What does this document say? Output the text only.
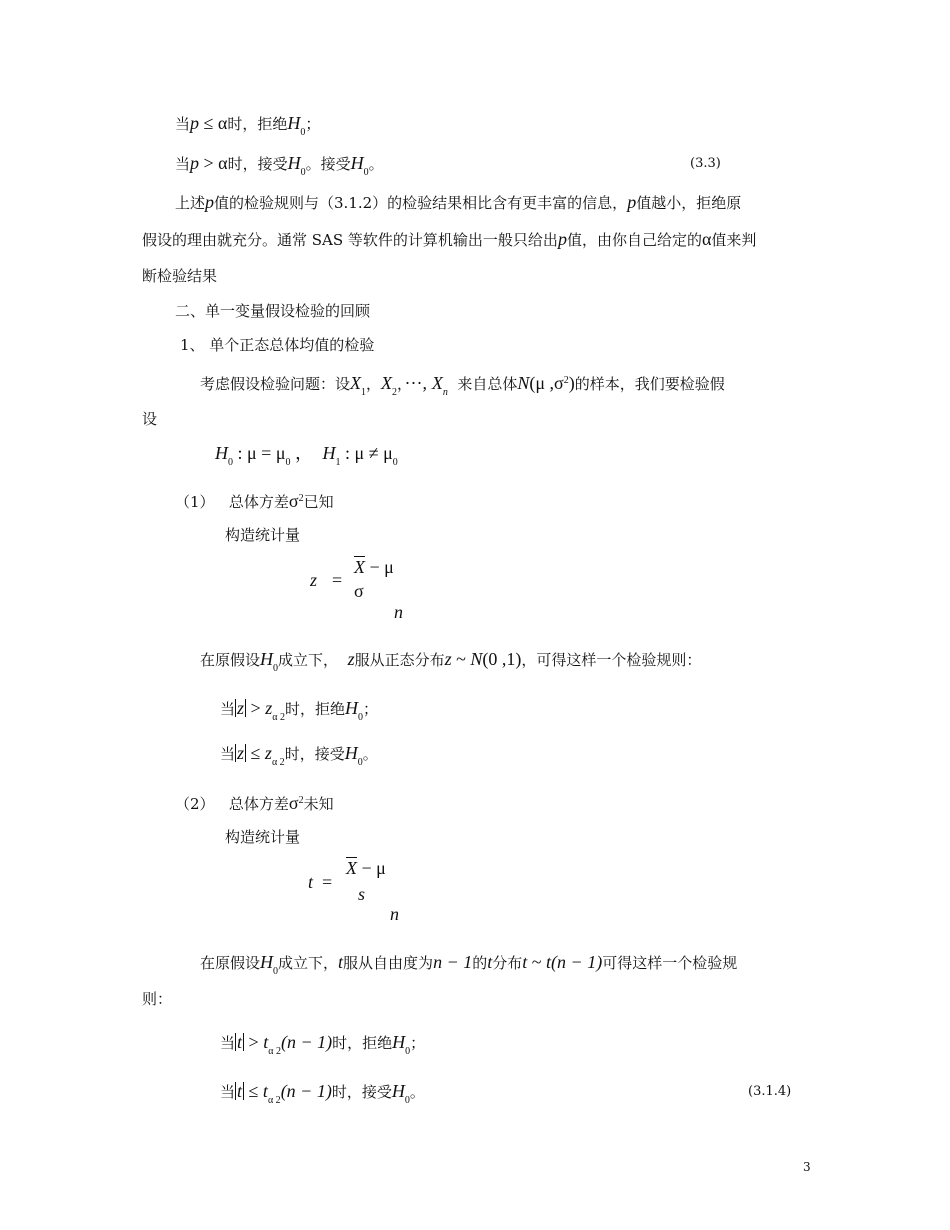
当p ≤ α时，拒绝$H_0$；
当p > α时，接受$H_0$。接受$H_0$。	(3.3)
上述p值的检验规则与（3.1.2）的检验结果相比含有更丰富的信息，p值越小，拒绝原
假设的理由就充分。通常 SAS 等软件的计算机输出一般只给出p值，由你自己给定的α值来判
断检验结果
二、单一变量假设检验的回顾
1、 单个正态总体均值的检验
考虑假设检验问题：设$X_1$，$X_2$，···, $X_n$ 来自总体N(μ $,\sigma^2$)的样本，我们要检验假
设
$H_0$ : $\mu = \mu_0$ ， $H_1$ : $\mu \ne \mu_0$
（1） 总体方差$\sigma^2$已知
构造统计量
z =
$\overline{X} - \mu$
σ
n
在原假设$H_0$成立下， z服从正态分布z ~ N(0 ,1)，可得这样一个检验规则：
当 $z > z_{\alpha 2}$时，拒绝$H_0$；
当 $z \le z_{\alpha 2}$时，接受$H_0$。
（2） 总体方差$\sigma^2$未知
构造统计量
t =
$\overline{X} - \mu$
s
n
在原假设$H_0$成立下，t服从自由度为n − 1的t分布t ~ t(n − 1)可得这样一个检验规
则：
当 $t > t_{\alpha 2}(n - 1)$时，拒绝$H_0$；
当 $t \le t_{\alpha 2}(n - 1)$时，接受$H_0$。	(3.1.4)
3
